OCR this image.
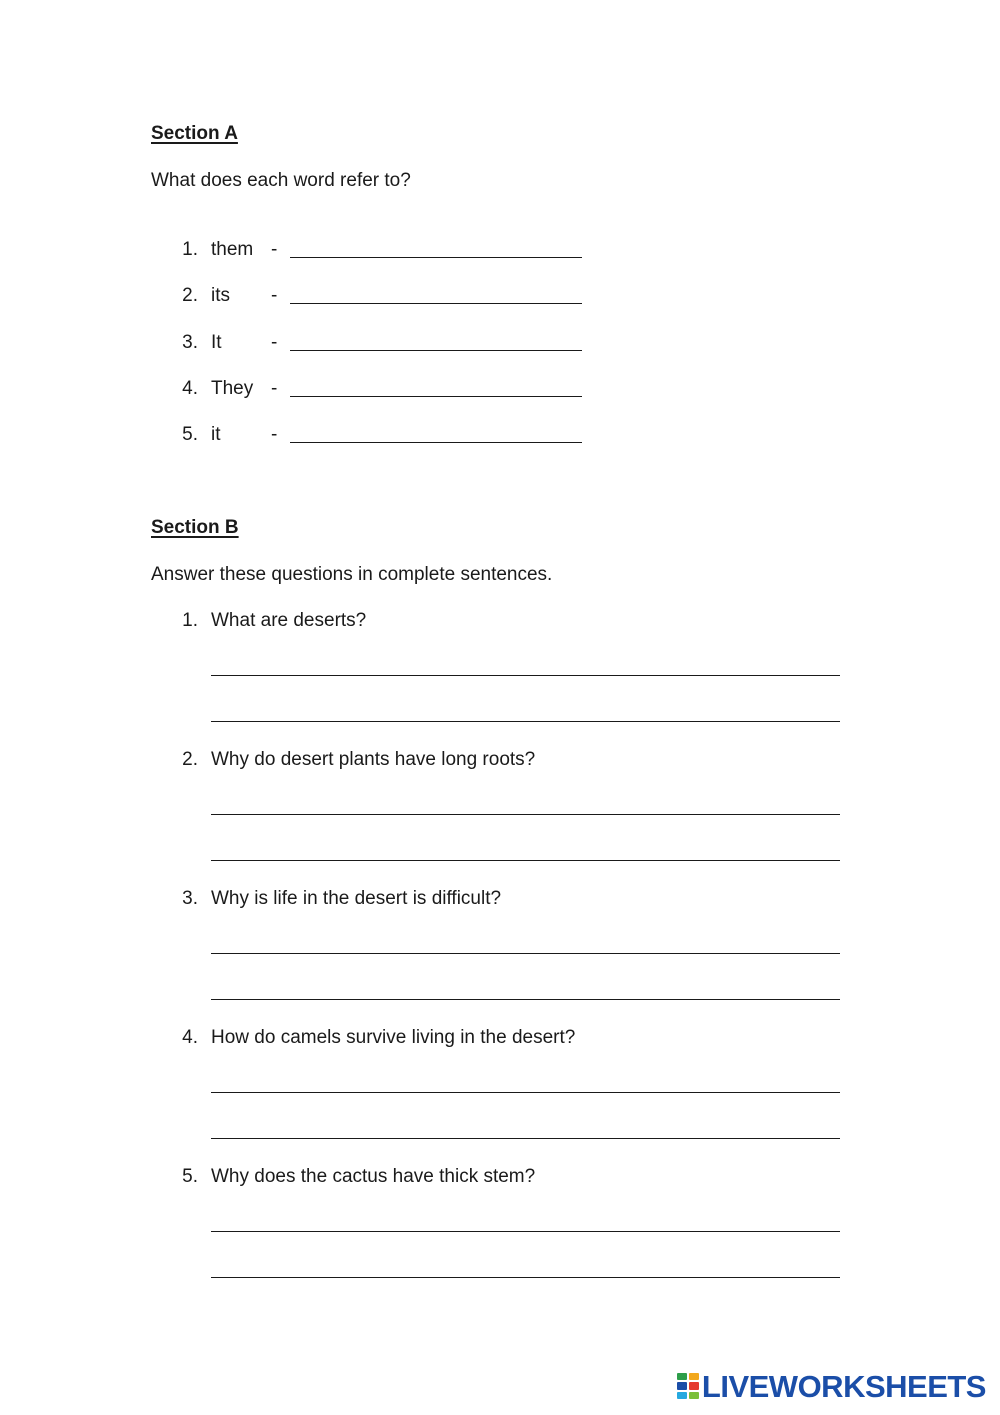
Section A
What does each word refer to?
1. them -
2. its -
3. It	-
4. They -
5. it	-
Section B
Answer these questions in complete sentences.
1. What are deserts?
2. Why do desert plants have long roots?
3. Why is life in the desert is difficult?
4. How do camels survive living in the desert?
5. Why does the cactus have thick stem?
LIVEWORKSHEETS
